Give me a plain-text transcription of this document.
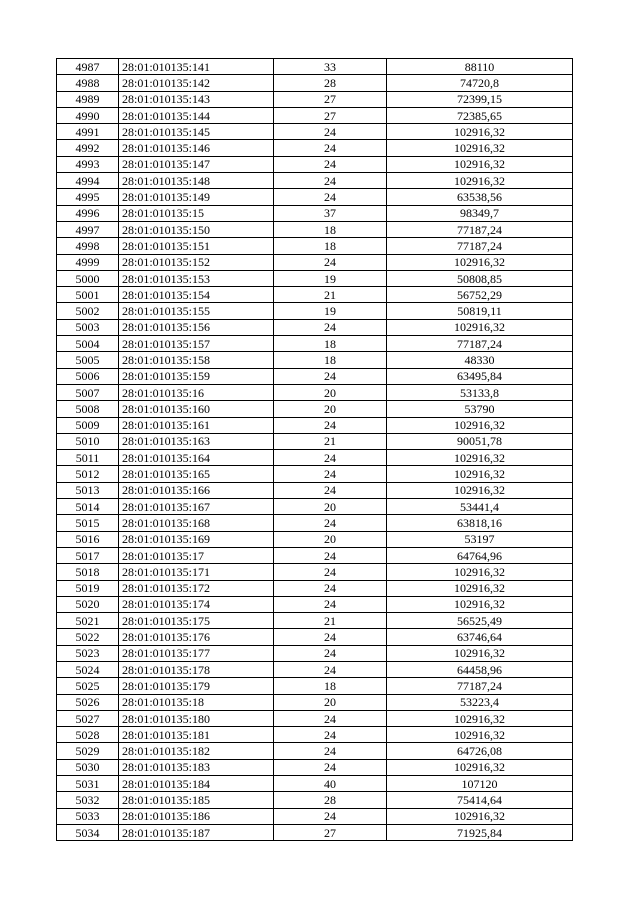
4987	28:01:010135:141	33	88110
4988	28:01:010135:142	28	74720,8
4989	28:01:010135:143	27	72399,15
4990	28:01:010135:144	27	72385,65
4991	28:01:010135:145	24	102916,32
4992	28:01:010135:146	24	102916,32
4993	28:01:010135:147	24	102916,32
4994	28:01:010135:148	24	102916,32
4995	28:01:010135:149	24	63538,56
4996	28:01:010135:15	37	98349,7
4997	28:01:010135:150	18	77187,24
4998	28:01:010135:151	18	77187,24
4999	28:01:010135:152	24	102916,32
5000	28:01:010135:153	19	50808,85
5001	28:01:010135:154	21	56752,29
5002	28:01:010135:155	19	50819,11
5003	28:01:010135:156	24	102916,32
5004	28:01:010135:157	18	77187,24
5005	28:01:010135:158	18	48330
5006	28:01:010135:159	24	63495,84
5007	28:01:010135:16	20	53133,8
5008	28:01:010135:160	20	53790
5009	28:01:010135:161	24	102916,32
5010	28:01:010135:163	21	90051,78
5011	28:01:010135:164	24	102916,32
5012	28:01:010135:165	24	102916,32
5013	28:01:010135:166	24	102916,32
5014	28:01:010135:167	20	53441,4
5015	28:01:010135:168	24	63818,16
5016	28:01:010135:169	20	53197
5017	28:01:010135:17	24	64764,96
5018	28:01:010135:171	24	102916,32
5019	28:01:010135:172	24	102916,32
5020	28:01:010135:174	24	102916,32
5021	28:01:010135:175	21	56525,49
5022	28:01:010135:176	24	63746,64
5023	28:01:010135:177	24	102916,32
5024	28:01:010135:178	24	64458,96
5025	28:01:010135:179	18	77187,24
5026	28:01:010135:18	20	53223,4
5027	28:01:010135:180	24	102916,32
5028	28:01:010135:181	24	102916,32
5029	28:01:010135:182	24	64726,08
5030	28:01:010135:183	24	102916,32
5031	28:01:010135:184	40	107120
5032	28:01:010135:185	28	75414,64
5033	28:01:010135:186	24	102916,32
5034	28:01:010135:187	27	71925,84
